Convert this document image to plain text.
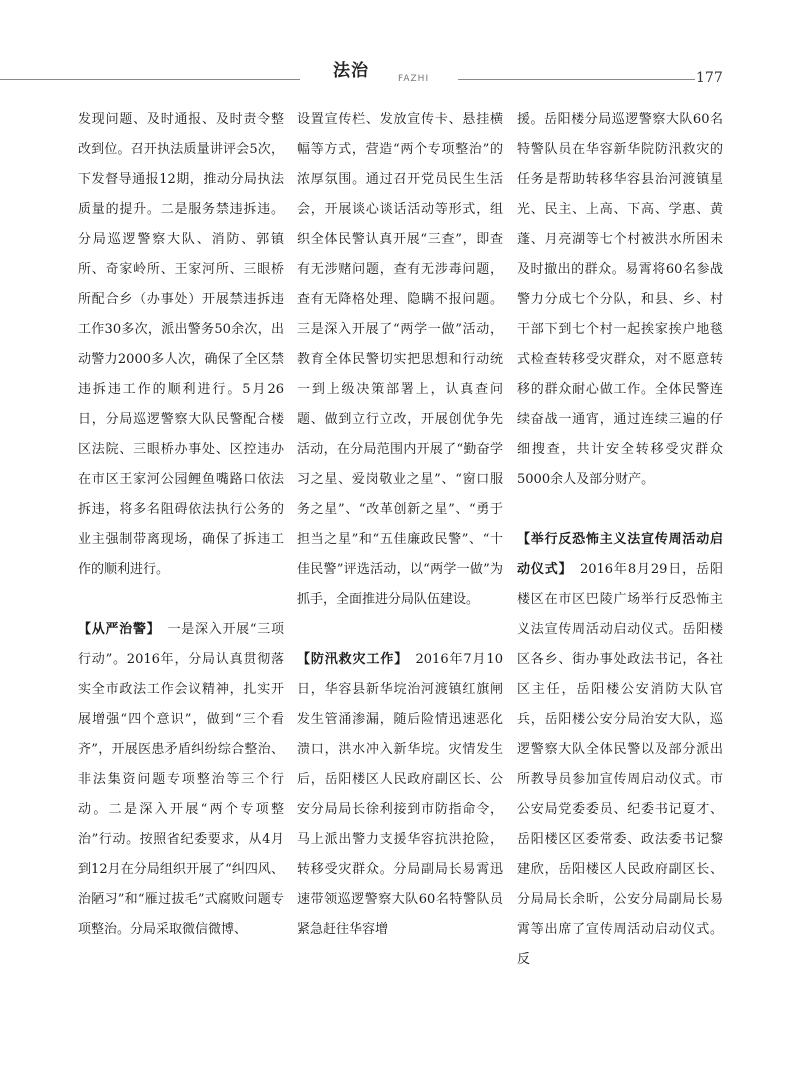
法治	FAZHI	177

发现问题、及时通报、及时责令整改到位。召开执法质量讲评会5次，下发督导通报12期，推动分局执法质量的提升。二是服务禁违拆违。分局巡逻警察大队、消防、郭镇所、奇家岭所、王家河所、三眼桥所配合乡（办事处）开展禁违拆违工作30多次，派出警务50余次，出动警力2000多人次，确保了全区禁违拆违工作的顺利进行。5月26日，分局巡逻警察大队民警配合楼区法院、三眼桥办事处、区控违办在市区王家河公园鲤鱼嘴路口依法拆违，将多名阻碍依法执行公务的业主强制带离现场，确保了拆违工作的顺利进行。

【从严治警】　 一是深入开展“三项行动”。2016年，分局认真贯彻落实全市政法工作会议精神，扎实开展增强“四个意识”，做到“三个看齐”，开展医患矛盾纠纷综合整治、非法集资问题专项整治等三个行动。二是深入开展“两个专项整治”行动。按照省纪委要求，从4月到12月在分局组织开展了“纠四风、治陋习”和“雁过拔毛”式腐败问题专项整治。分局采取微信微博、

设置宣传栏、发放宣传卡、悬挂横幅等方式，营造“两个专项整治”的浓厚氛围。通过召开党员民生生活会，开展谈心谈话活动等形式，组织全体民警认真开展“三查”，即查有无涉赌问题，查有无涉毒问题，查有无降格处理、隐瞒不报问题。三是深入开展了“两学一做”活动，教育全体民警切实把思想和行动统一到上级决策部署上，认真查问题、做到立行立改，开展创优争先活动，在分局范围内开展了“勤奋学习之星、爱岗敬业之星”、“窗口服务之星”、“改革创新之星”、“勇于担当之星”和“五佳廉政民警”、“十佳民警”评选活动，以“两学一做”为抓手，全面推进分局队伍建设。

【防汛救灾工作】　 2016年7月10日，华容县新华垸治河渡镇红旗闸发生管涌渗漏，随后险情迅速恶化溃口，洪水冲入新华垸。灾情发生后，岳阳楼区人民政府副区长、公安分局局长徐利接到市防指命令，马上派出警力支援华容抗洪抢险，转移受灾群众。分局副局长易霄迅速带领巡逻警察大队60名特警队员紧急赶往华容增

援。岳阳楼分局巡逻警察大队60名特警队员在华容新华院防汛救灾的任务是帮助转移华容县治河渡镇星光、民主、上高、下高、学惠、黄蓬、月亮湖等七个村被洪水所困未及时撤出的群众。易霄将60名参战警力分成七个分队，和县、乡、村干部下到七个村一起挨家挨户地毯式检查转移受灾群众，对不愿意转移的群众耐心做工作。全体民警连续奋战一通宵，通过连续三遍的仔细搜查，共计安全转移受灾群众5000余人及部分财产。

【举行反恐怖主义法宣传周活动启动仪式】　 2016年8月29日，岳阳楼区在市区巴陵广场举行反恐怖主义法宣传周活动启动仪式。岳阳楼区各乡、街办事处政法书记，各社区主任，岳阳楼公安消防大队官兵，岳阳楼公安分局治安大队，巡逻警察大队全体民警以及部分派出所教导员参加宣传周启动仪式。市公安局党委委员、纪委书记夏才、岳阳楼区区委常委、政法委书记黎建欣，岳阳楼区人民政府副区长、分局局长余昕，公安分局副局长易霄等出席了宣传周活动启动仪式。反
